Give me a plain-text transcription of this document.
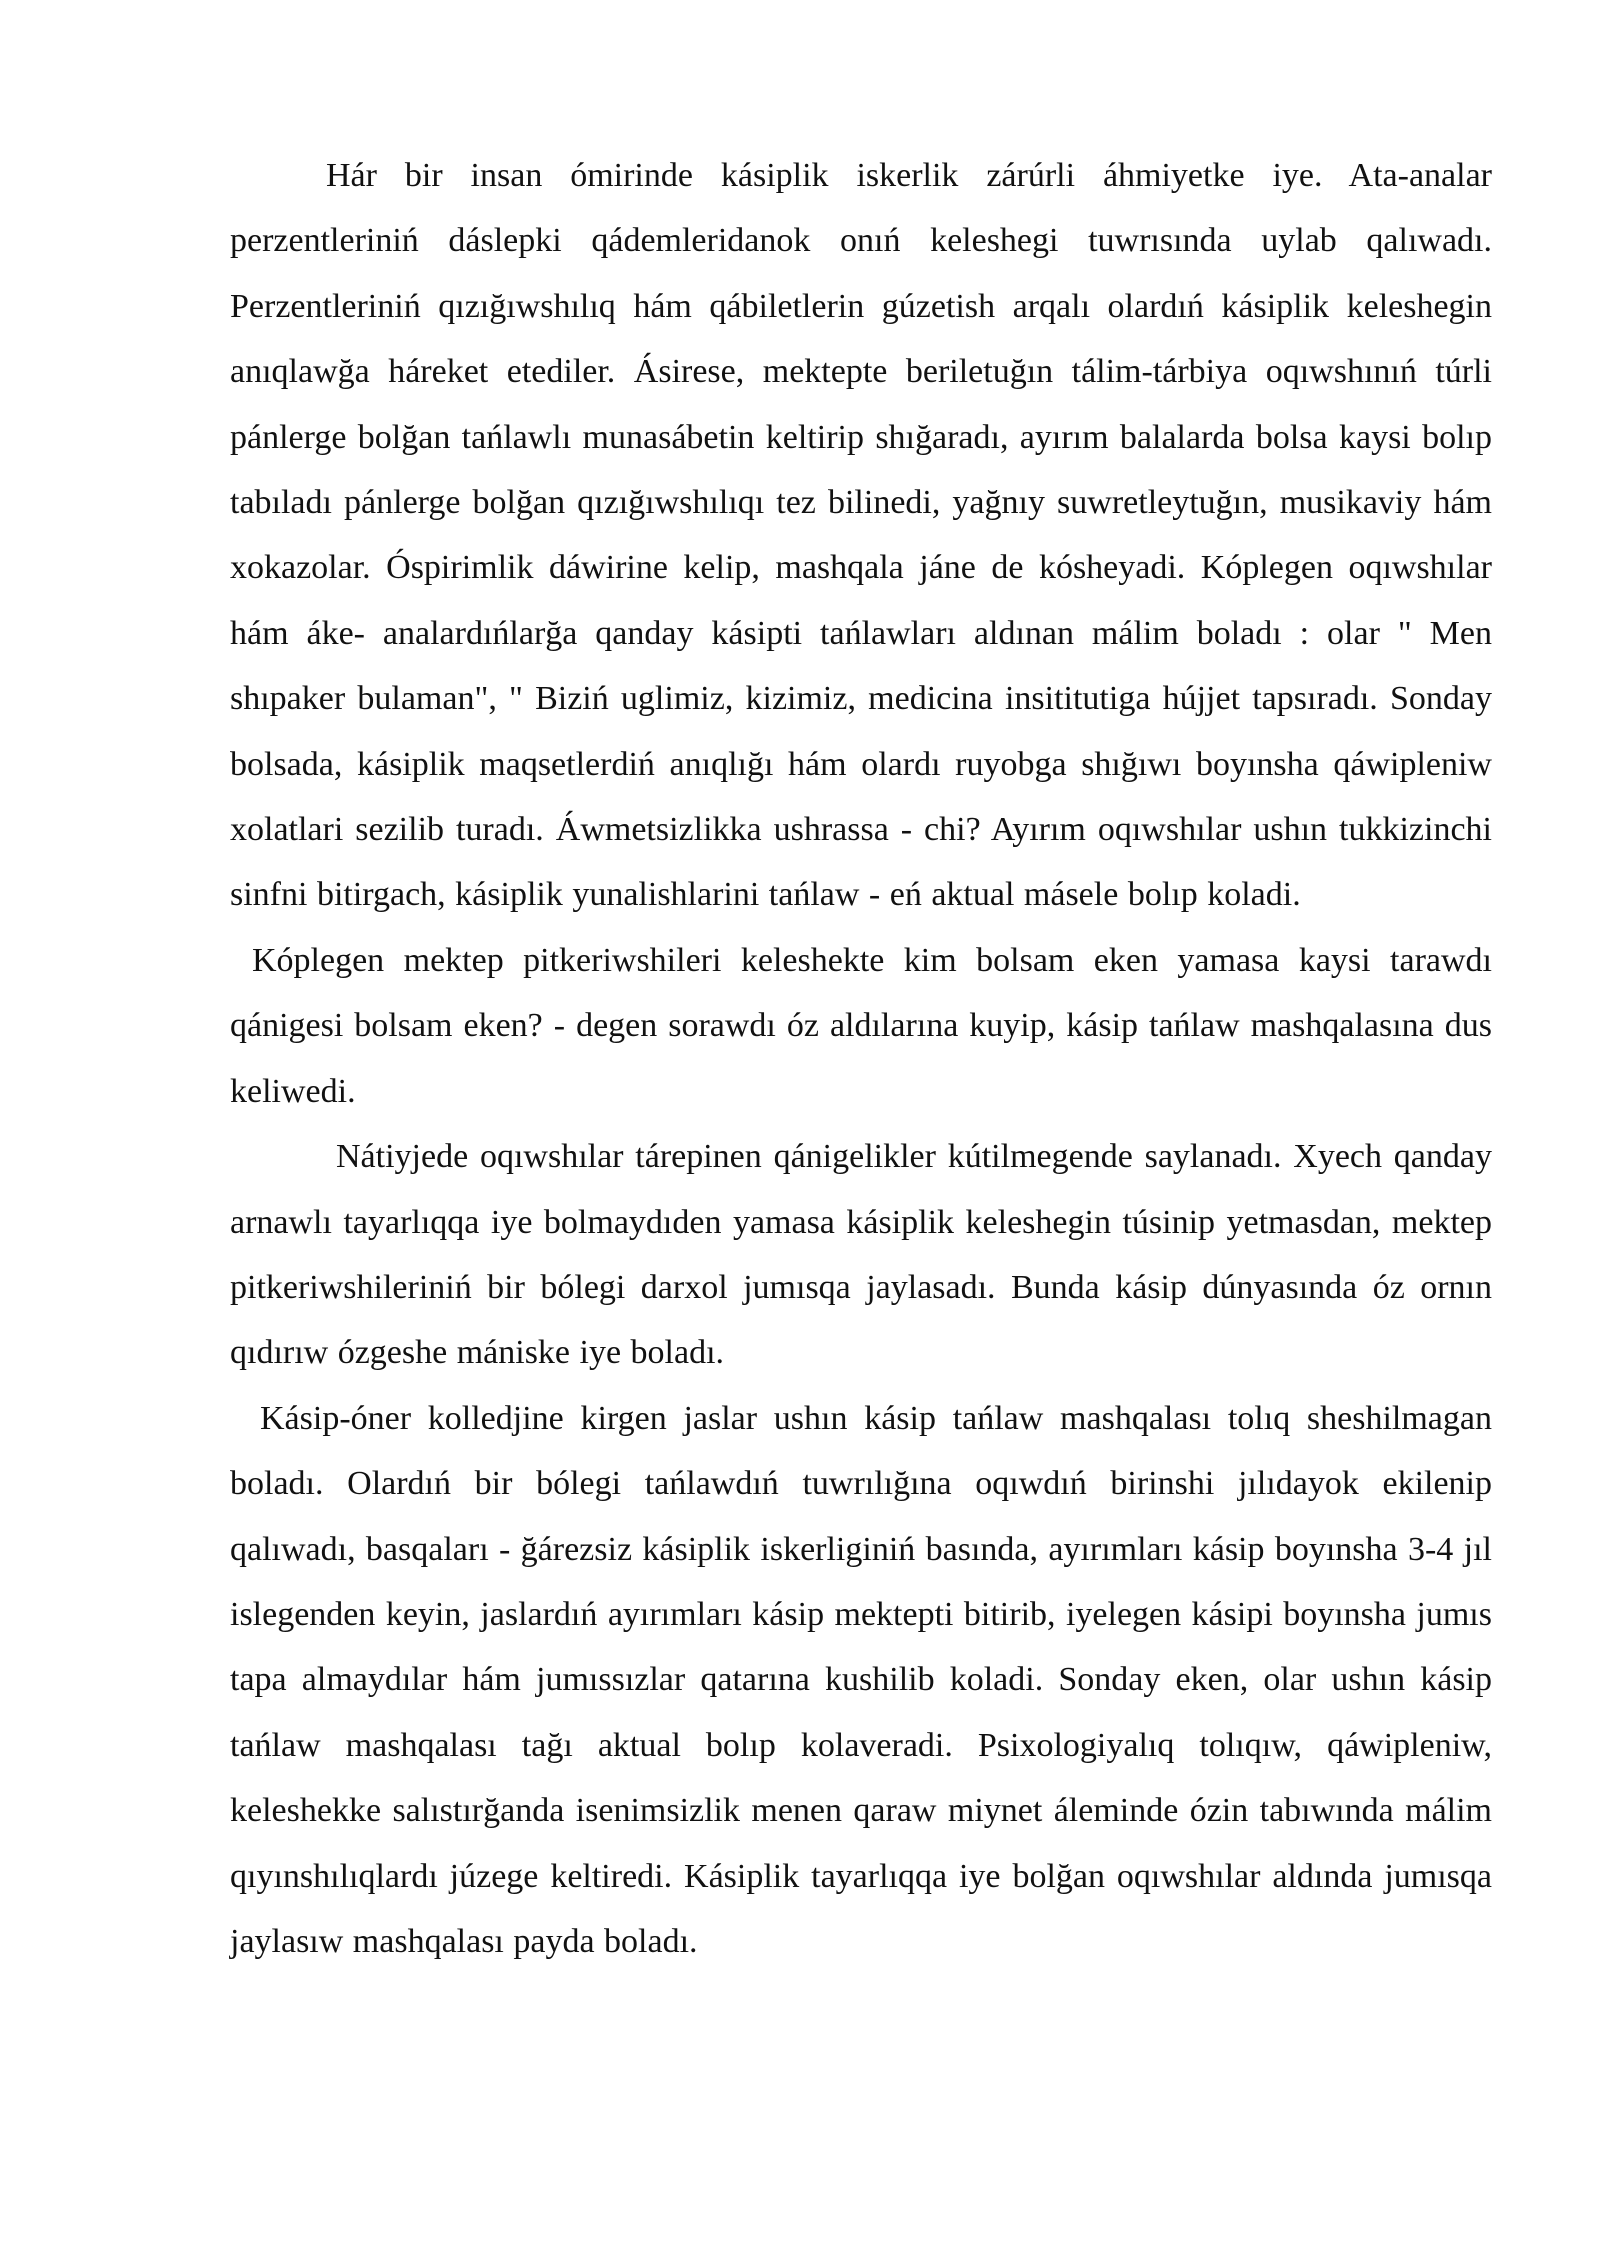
Hár bir insan ómirinde kásiplik iskerlik zárúrli áhmiyetke iye. Ata-analar perzentleriniń dáslepki qádemleridanok onıń keleshegi tuwrısında uylab qalıwadı. Perzentleriniń qızığıwshılıq hám qábiletlerin gúzetish arqalı olardıń kásiplik keleshegin anıqlawğa háreket etediler. Ásirese, mektepte beriletuğın tálim-tárbiya oqıwshınıń túrli pánlerge bolğan tańlawlı munasábetin keltirip shığaradı, ayırım balalarda bolsa kaysi bolıp tabıladı pánlerge bolğan qızığıwshılıqı tez bilinedi, yağnıy suwretleytuğın, musikaviy hám xokazolar. Óspirimlik dáwirine kelip, mashqala jáne de kósheyadi. Kóplegen oqıwshılar hám áke- analardıńlarğa qanday kásipti tańlawları aldınan málim boladı : olar " Men shıpaker bulaman", " Biziń uglimiz, kizimiz, medicina insititutiga hújjet tapsıradı. Sonday bolsada, kásiplik maqsetlerdiń anıqlığı hám olardı ruyobga shığıwı boyınsha qáwipleniw xolatlari sezilib turadı. Áwmetsizlikka ushrassa - chi? Ayırım oqıwshılar ushın tukkizinchi sinfni bitirgach, kásiplik yunalishlarini tańlaw - eń aktual másele bolıp koladi.

Kóplegen mektep pitkeriwshileri keleshekte kim bolsam eken yamasa kaysi tarawdı qánigesi bolsam eken? - degen sorawdı óz aldılarına kuyip, kásip tańlaw mashqalasına dus keliwedi.

Nátiyjede oqıwshılar tárepinen qánigelikler kútilmegende saylanadı. Xyech qanday arnawlı tayarlıqqa iye bolmaydıden yamasa kásiplik keleshegin túsinip yetmasdan, mektep pitkeriwshileriniń bir bólegi darxol jumısqa jaylasadı. Bunda kásip dúnyasında óz ornın qıdırıw ózgeshe mániske iye boladı.

Kásip-óner kolledjine kirgen jaslar ushın kásip tańlaw mashqalası tolıq sheshilmagan boladı. Olardıń bir bólegi tańlawdıń tuwrılığına oqıwdıń birinshi jılıdayok ekilenip qalıwadı, basqaları - ğárezsiz kásiplik iskerliginiń basında, ayırımları kásip boyınsha 3-4 jıl islegenden keyin, jaslardıń ayırımları kásip mektepti bitirib, iyelegen kásipi boyınsha jumıs tapa almaydılar hám jumıssızlar qatarına kushilib koladi. Sonday eken, olar ushın kásip tańlaw mashqalası tağı aktual bolıp kolaveradi. Psixologiyalıq tolıqıw, qáwipleniw, keleshekke salıstırğanda isenimsizlik menen qaraw miynet áleminde ózin tabıwında málim qıyınshılıqlardı júzege keltiredi. Kásiplik tayarlıqqa iye bolğan oqıwshılar aldında jumısqa jaylasıw mashqalası payda boladı.
